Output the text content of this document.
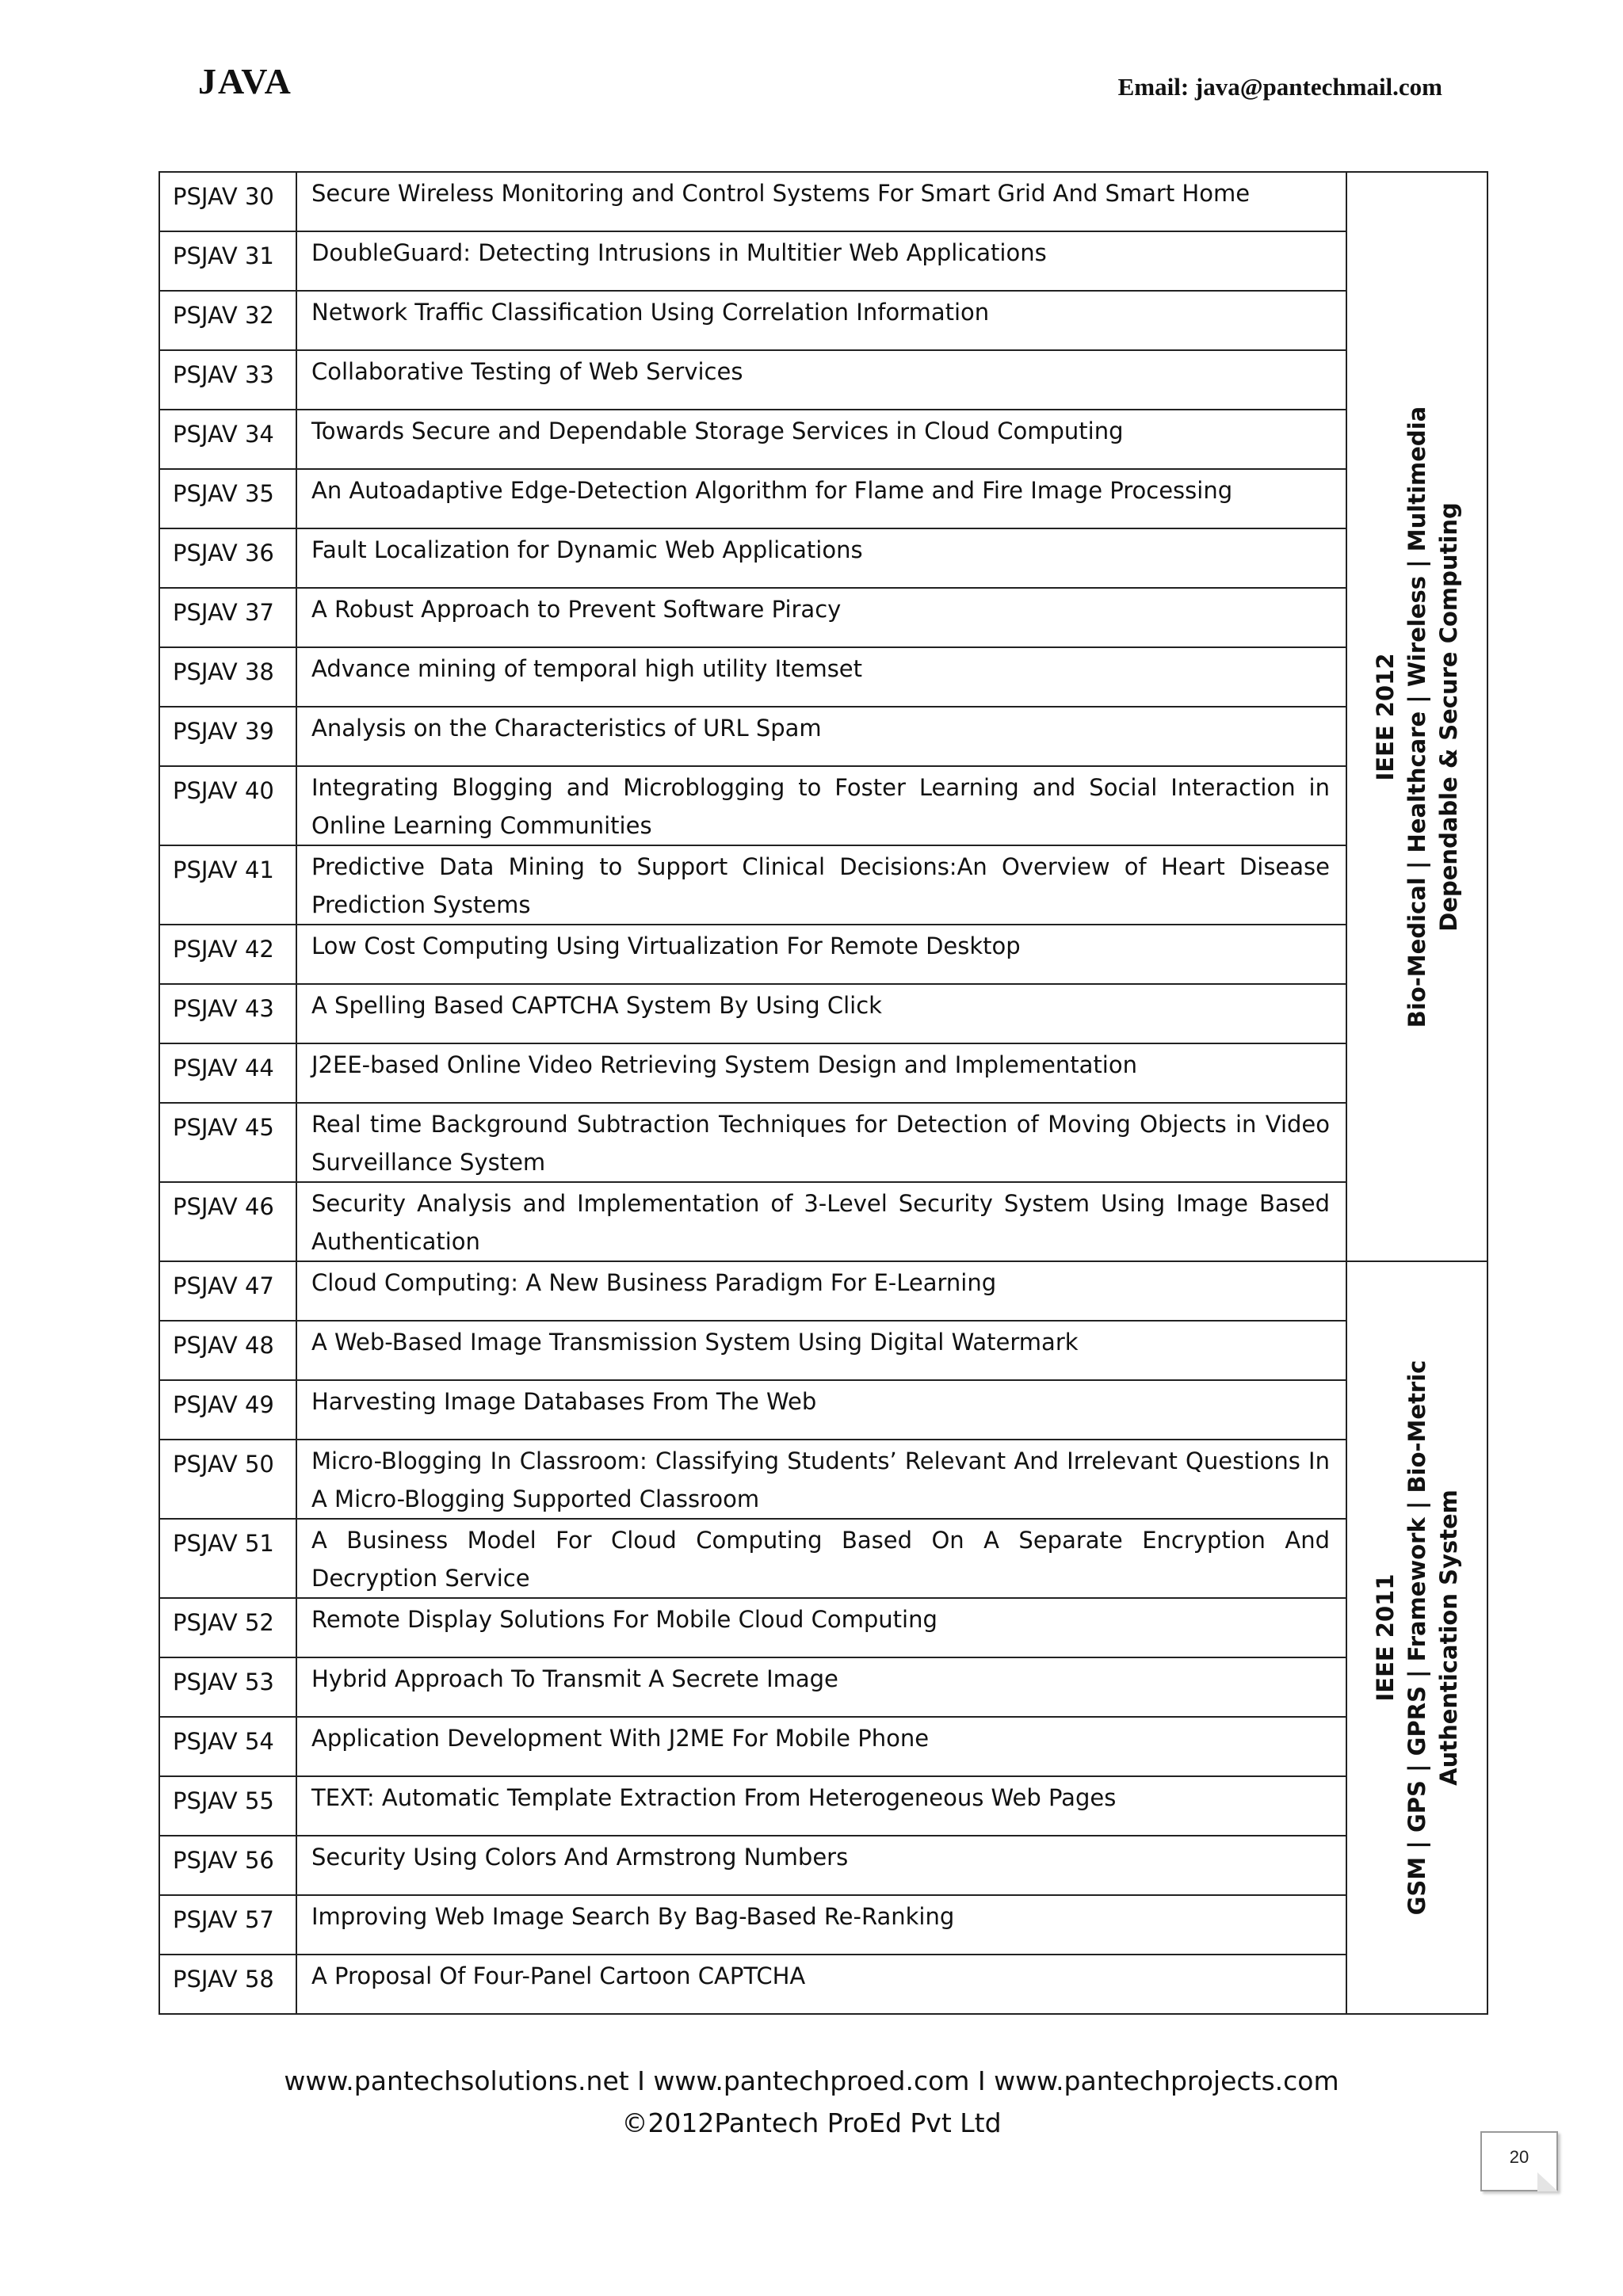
JAVA	Email: java@pantechmail.com
PSJAV 30	Secure Wireless Monitoring and Control Systems For Smart Grid And Smart Home	IEEE 2012 Bio-Medical | Healthcare | Wireless | Multimedia Dependable & Secure Computing

PSJAV 31	DoubleGuard: Detecting Intrusions in Multitier Web Applications	
PSJAV 32	Network Traffic Classification Using Correlation Information	
PSJAV 33	Collaborative Testing of Web Services	
PSJAV 34	Towards Secure and Dependable Storage Services in Cloud Computing	
PSJAV 35	An Autoadaptive Edge-Detection Algorithm for Flame and Fire Image Processing	
PSJAV 36	Fault Localization for Dynamic Web Applications	
PSJAV 37	A Robust Approach to Prevent Software Piracy	
PSJAV 38	Advance mining of temporal high utility Itemset	
PSJAV 39	Analysis on the Characteristics of URL Spam	
PSJAV 40	Integrating Blogging and Microblogging to Foster Learning and Social Interaction in Online Learning Communities	
PSJAV 41	Predictive Data Mining to Support Clinical Decisions:An Overview of Heart Disease Prediction Systems	
PSJAV 42	Low Cost Computing Using Virtualization For Remote Desktop	
PSJAV 43	A Spelling Based CAPTCHA System By Using Click	
PSJAV 44	J2EE-based Online Video Retrieving System Design and Implementation	
PSJAV 45	Real time Background Subtraction Techniques for Detection of Moving Objects in Video Surveillance System	
PSJAV 46	Security Analysis and Implementation of 3-Level Security System Using Image Based Authentication	
PSJAV 47	Cloud Computing: A New Business Paradigm For E-Learning	IEEE 2011 GSM | GPS | GPRS | Framework | Bio-Metric Authentication System

PSJAV 48	A Web-Based Image Transmission System Using Digital Watermark	
PSJAV 49	Harvesting Image Databases From The Web	
PSJAV 50	Micro-Blogging In Classroom: Classifying Students’ Relevant And Irrelevant Questions In A Micro-Blogging Supported Classroom	
PSJAV 51	A Business Model For Cloud Computing Based On A Separate Encryption And Decryption Service	
PSJAV 52	Remote Display Solutions For Mobile Cloud Computing	
PSJAV 53	Hybrid Approach To Transmit A Secrete Image	
PSJAV 54	Application Development With J2ME For Mobile Phone	
PSJAV 55	TEXT: Automatic Template Extraction From Heterogeneous Web Pages	
PSJAV 56	Security Using Colors And Armstrong Numbers	
PSJAV 57	Improving Web Image Search By Bag-Based Re-Ranking	
PSJAV 58	A Proposal Of Four-Panel Cartoon CAPTCHA	
www.pantechsolutions.net I www.pantechproed.com I www.pantechprojects.com
©2012Pantech ProEd Pvt Ltd
20
